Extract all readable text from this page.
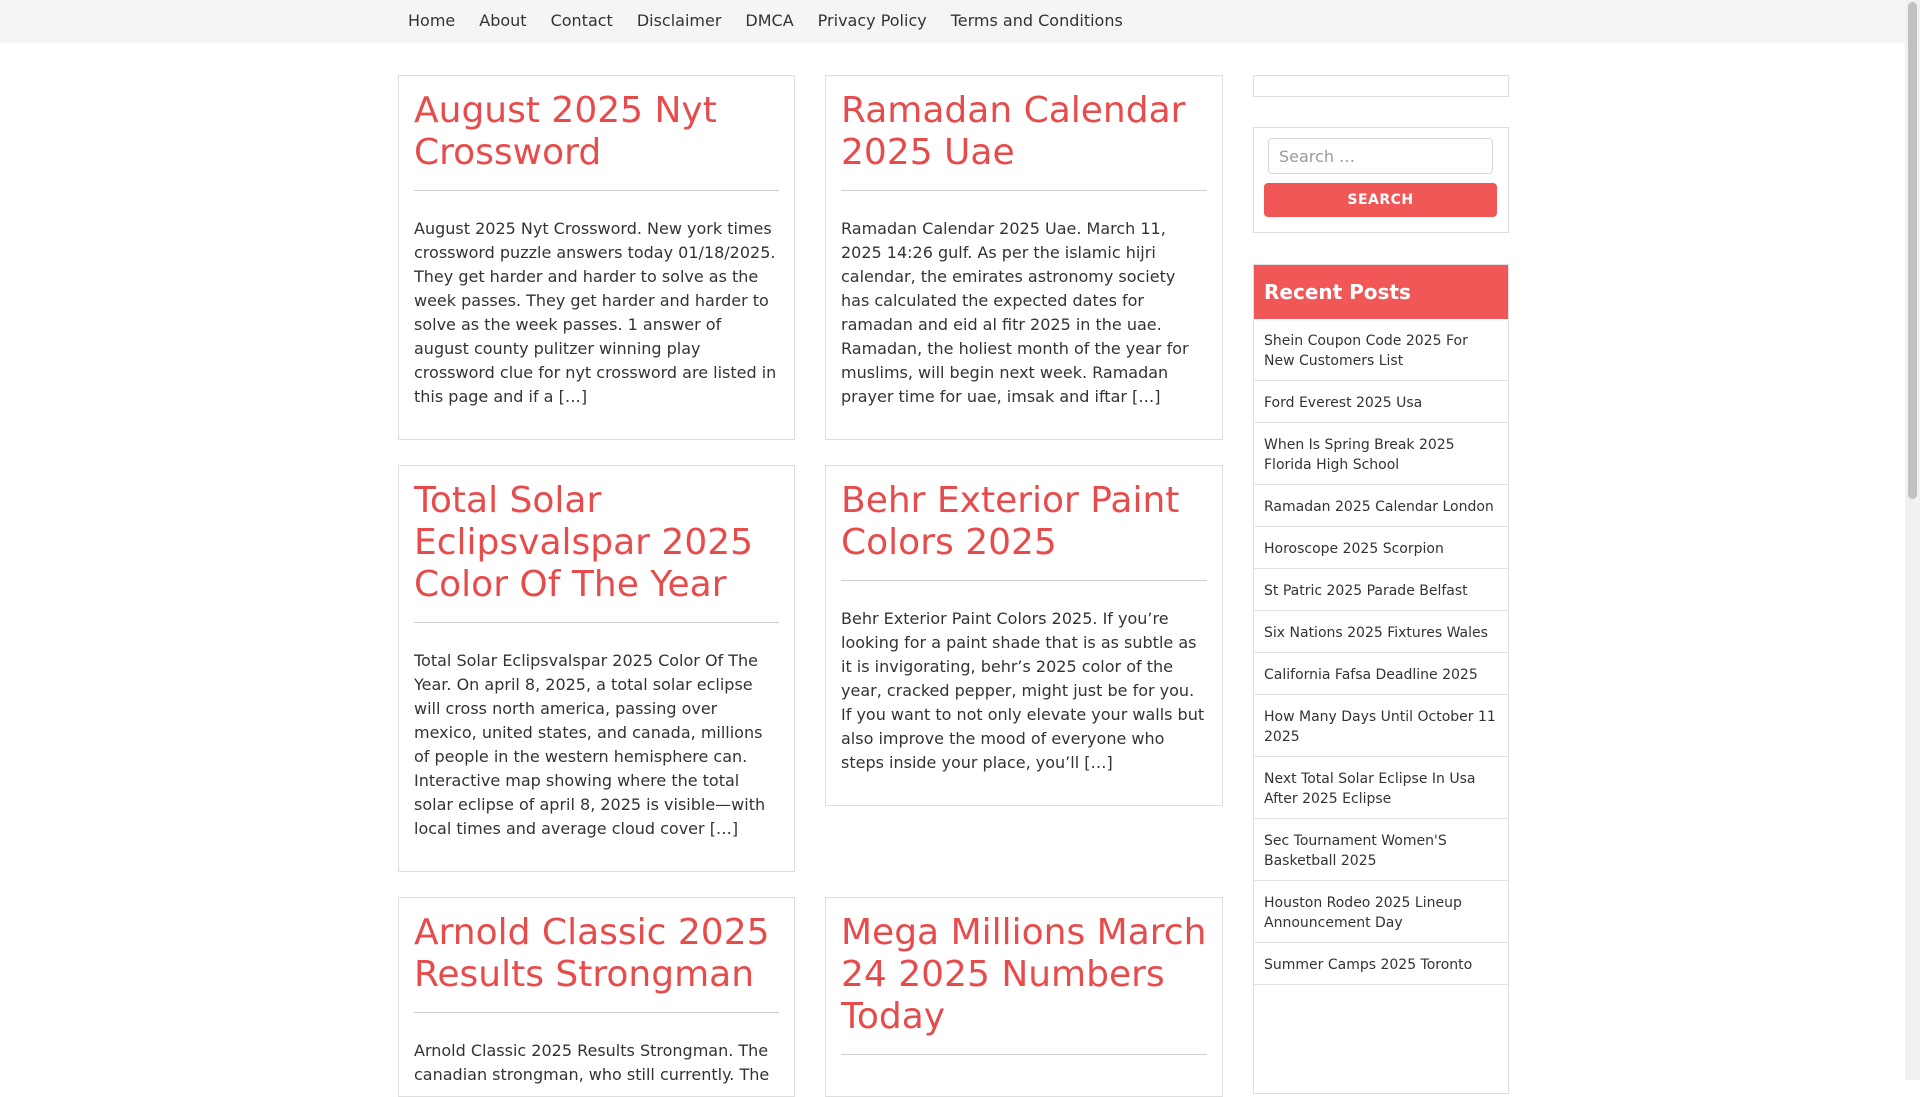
Home	About	Contact	Disclaimer	DMCA	Privacy Policy	Terms and Conditions
August 2025 Nyt Crossword

August 2025 Nyt Crossword. New york times crossword puzzle answers today 01/18/2025. They get harder and harder to solve as the week passes. They get harder and harder to solve as the week passes. 1 answer of august county pulitzer winning play crossword clue for nyt crossword are listed in this page and if a […]

Ramadan Calendar 2025 Uae

Ramadan Calendar 2025 Uae. March 11, 2025 14:26 gulf. As per the islamic hijri calendar, the emirates astronomy society has calculated the expected dates for ramadan and eid al fitr 2025 in the uae. Ramadan, the holiest month of the year for muslims, will begin next week. Ramadan prayer time for uae, imsak and iftar […]

Total Solar Eclipsvalspar 2025 Color Of The Year

Total Solar Eclipsvalspar 2025 Color Of The Year. On april 8, 2025, a total solar eclipse will cross north america, passing over mexico, united states, and canada, millions of people in the western hemisphere can. Interactive map showing where the total solar eclipse of april 8, 2025 is visible—with local times and average cloud cover […]

Behr Exterior Paint Colors 2025

Behr Exterior Paint Colors 2025. If you’re looking for a paint shade that is as subtle as it is invigorating, behr’s 2025 color of the year, cracked pepper, might just be for you. If you want to not only elevate your walls but also improve the mood of everyone who steps inside your place, you’ll […]

Arnold Classic 2025 Results Strongman

Arnold Classic 2025 Results Strongman. The canadian strongman, who still currently. The

Mega Millions March 24 2025 Numbers Today

Search …
SEARCH
Recent Posts
Shein Coupon Code 2025 For New Customers List
Ford Everest 2025 Usa
When Is Spring Break 2025 Florida High School
Ramadan 2025 Calendar London
Horoscope 2025 Scorpion
St Patric 2025 Parade Belfast
Six Nations 2025 Fixtures Wales
California Fafsa Deadline 2025
How Many Days Until October 11 2025
Next Total Solar Eclipse In Usa After 2025 Eclipse
Sec Tournament Women'S Basketball 2025
Houston Rodeo 2025 Lineup Announcement Day
Summer Camps 2025 Toronto
